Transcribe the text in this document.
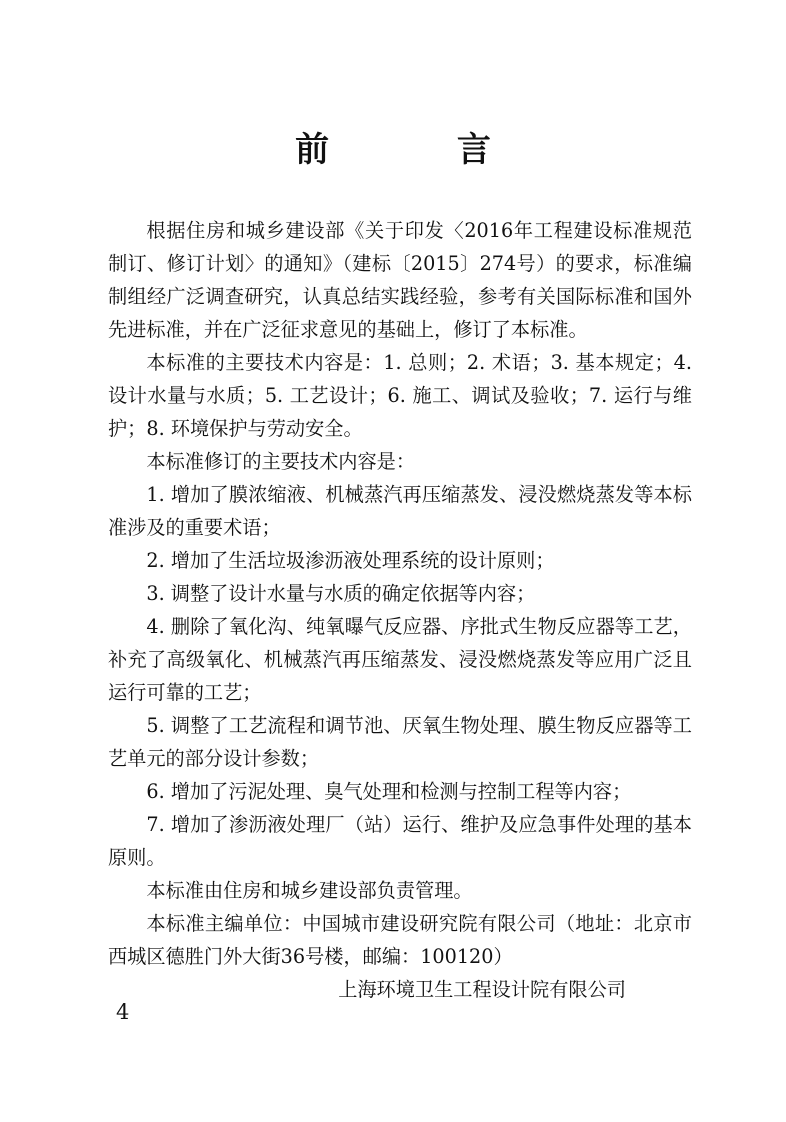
前 言

根据住房和城乡建设部《关于印发〈2016年工程建设标准规范制订、修订计划〉的通知》（建标〔2015〕274号）的要求，标准编制组经广泛调查研究，认真总结实践经验，参考有关国际标准和国外先进标准，并在广泛征求意见的基础上，修订了本标准。

本标准的主要技术内容是：1. 总则；2. 术语；3. 基本规定；4. 设计水量与水质；5. 工艺设计；6. 施工、调试及验收；7. 运行与维护；8. 环境保护与劳动安全。

本标准修订的主要技术内容是：

1. 增加了膜浓缩液、机械蒸汽再压缩蒸发、浸没燃烧蒸发等本标准涉及的重要术语；

2. 增加了生活垃圾渗沥液处理系统的设计原则；

3. 调整了设计水量与水质的确定依据等内容；

4. 删除了氧化沟、纯氧曝气反应器、序批式生物反应器等工艺，补充了高级氧化、机械蒸汽再压缩蒸发、浸没燃烧蒸发等应用广泛且运行可靠的工艺；

5. 调整了工艺流程和调节池、厌氧生物处理、膜生物反应器等工艺单元的部分设计参数；

6. 增加了污泥处理、臭气处理和检测与控制工程等内容；

7. 增加了渗沥液处理厂（站）运行、维护及应急事件处理的基本原则。

本标准由住房和城乡建设部负责管理。

本标准主编单位：中国城市建设研究院有限公司（地址：北京市西城区德胜门外大街36号楼，邮编：100120）

上海环境卫生工程设计院有限公司

4
